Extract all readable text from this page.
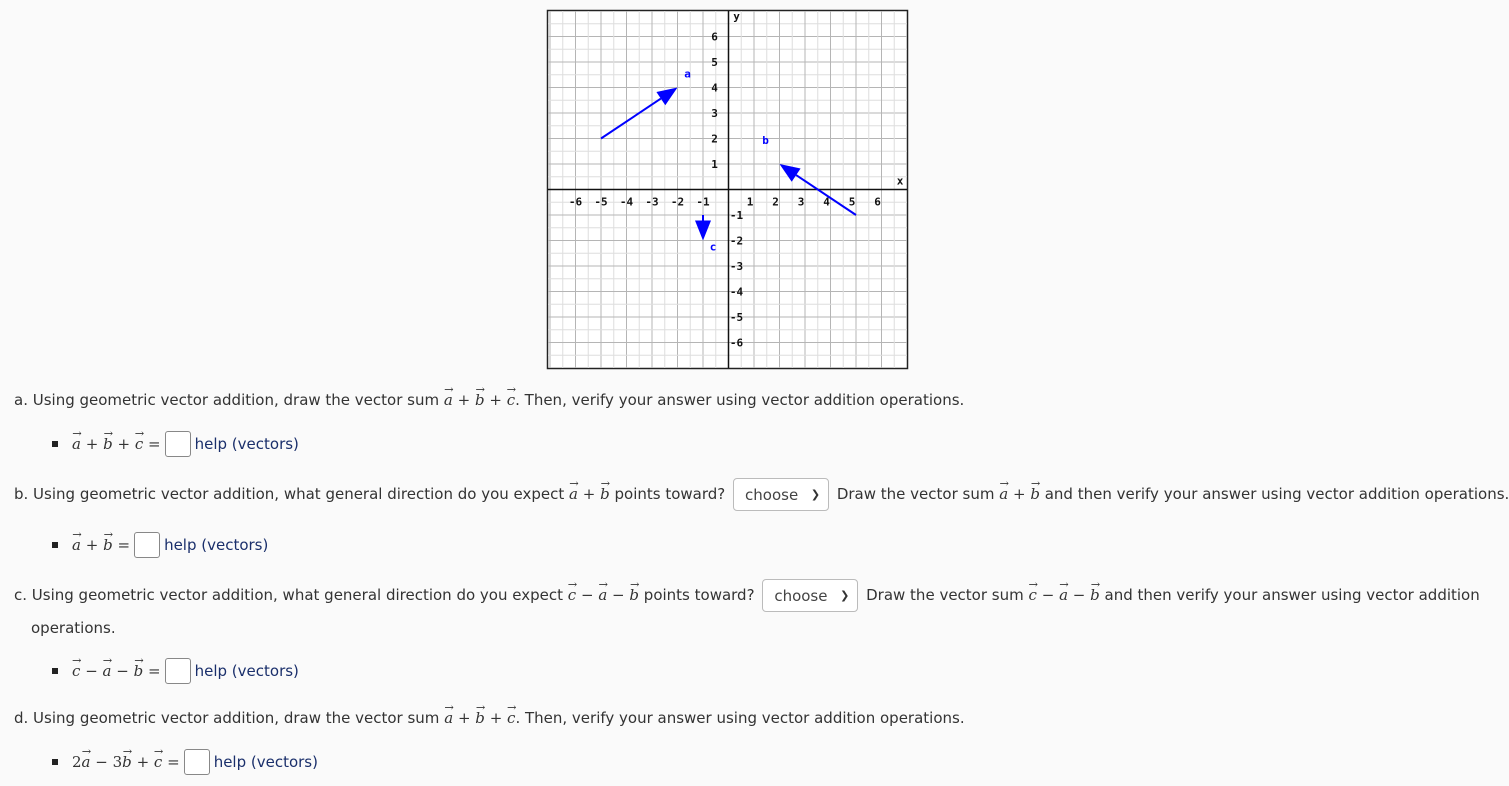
-6 -5 -4 -3 -2 -1	1 2 3 4 5 6
1
2
3
4
5
6
-1
-2
-3
-4
-5
-6
y
x
a
b
c
a. Using geometric vector addition, draw the vector sum → a + → b + → c. Then, verify your answer using vector addition operations.
→ a + → b + → c = help (vectors)
b. Using geometric vector addition, what general direction do you expect → a + → b points toward? choose ❯ Draw the vector sum → a + → b and then verify your answer using vector addition operations.
→ a + → b = help (vectors)
c. Using geometric vector addition, what general direction do you expect → c − → a − → b points toward? choose ❯ Draw the vector sum → c − → a − → b and then verify your answer using vector addition
operations.
→ c − → a − → b = help (vectors)
d. Using geometric vector addition, draw the vector sum → a + → b + → c. Then, verify your answer using vector addition operations.
2→ a − 3→ b + → c = help (vectors)
